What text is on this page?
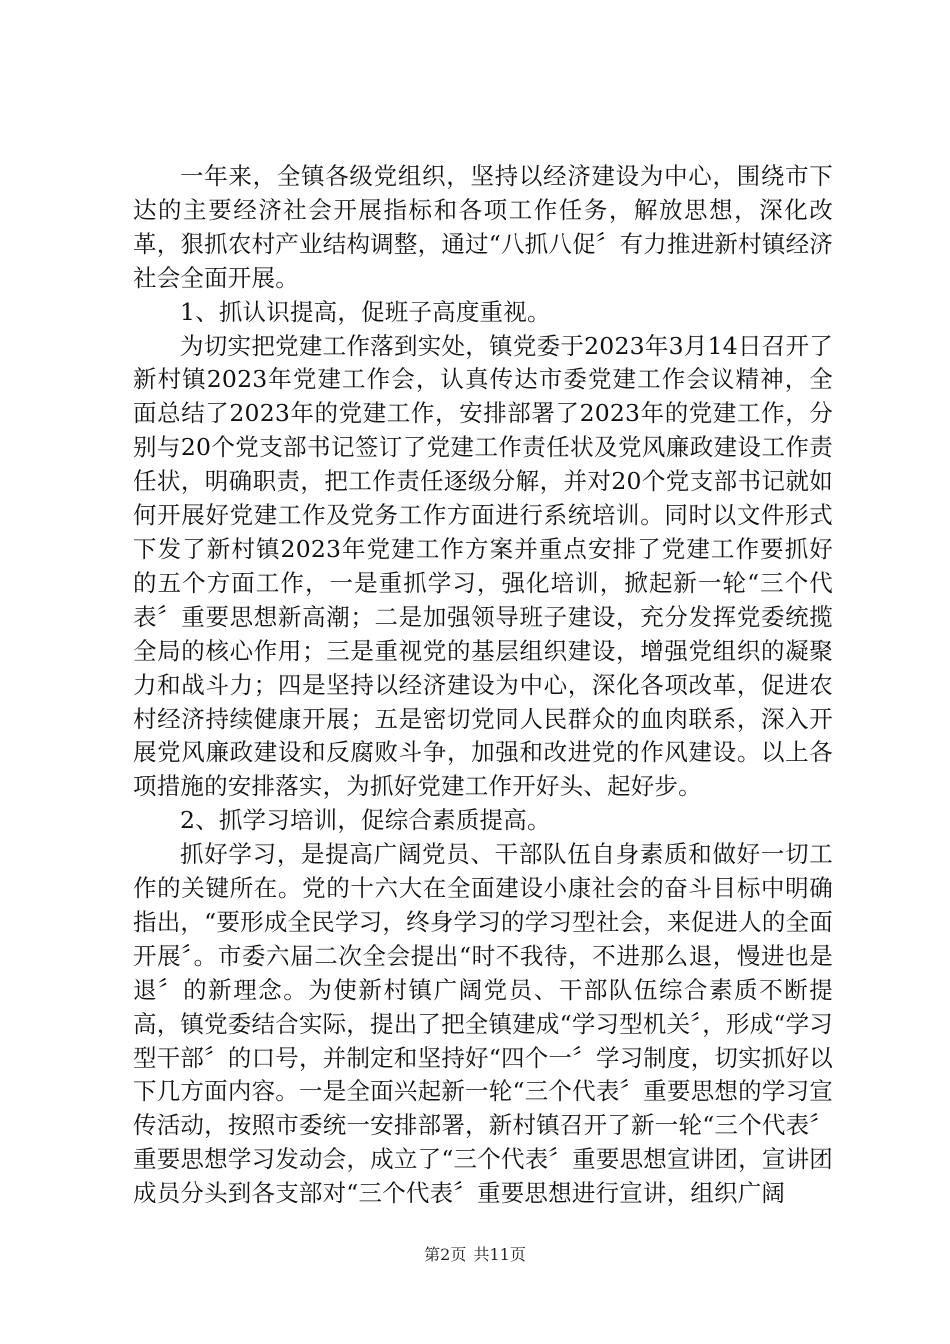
一年来，全镇各级党组织，坚持以经济建设为中心，围绕市下达的主要经济社会开展指标和各项工作任务，解放思想，深化改革，狠抓农村产业结构调整，通过“八抓八促〞有力推进新村镇经济社会全面开展。

1、抓认识提高，促班子高度重视。

为切实把党建工作落到实处，镇党委于2023年3月14日召开了新村镇2023年党建工作会，认真传达市委党建工作会议精神，全面总结了2023年的党建工作，安排部署了2023年的党建工作，分别与20个党支部书记签订了党建工作责任状及党风廉政建设工作责任状，明确职责，把工作责任逐级分解，并对20个党支部书记就如何开展好党建工作及党务工作方面进行系统培训。同时以文件形式下发了新村镇2023年党建工作方案并重点安排了党建工作要抓好的五个方面工作，一是重抓学习，强化培训，掀起新一轮“三个代表〞重要思想新高潮；二是加强领导班子建设，充分发挥党委统揽全局的核心作用；三是重视党的基层组织建设，增强党组织的凝聚力和战斗力；四是坚持以经济建设为中心，深化各项改革，促进农村经济持续健康开展；五是密切党同人民群众的血肉联系，深入开展党风廉政建设和反腐败斗争，加强和改进党的作风建设。以上各项措施的安排落实，为抓好党建工作开好头、起好步。

2、抓学习培训，促综合素质提高。

抓好学习，是提高广阔党员、干部队伍自身素质和做好一切工作的关键所在。党的十六大在全面建设小康社会的奋斗目标中明确指出，“要形成全民学习，终身学习的学习型社会，来促进人的全面开展〞。市委六届二次全会提出“时不我待，不进那么退，慢进也是退〞的新理念。为使新村镇广阔党员、干部队伍综合素质不断提高，镇党委结合实际，提出了把全镇建成“学习型机关〞，形成“学习型干部〞的口号，并制定和坚持好“四个一〞学习制度，切实抓好以下几方面内容。一是全面兴起新一轮“三个代表〞重要思想的学习宣传活动，按照市委统一安排部署，新村镇召开了新一轮“三个代表〞重要思想学习发动会，成立了“三个代表〞重要思想宣讲团，宣讲团成员分头到各支部对“三个代表〞重要思想进行宣讲，组织广阔

第2页 共11页
